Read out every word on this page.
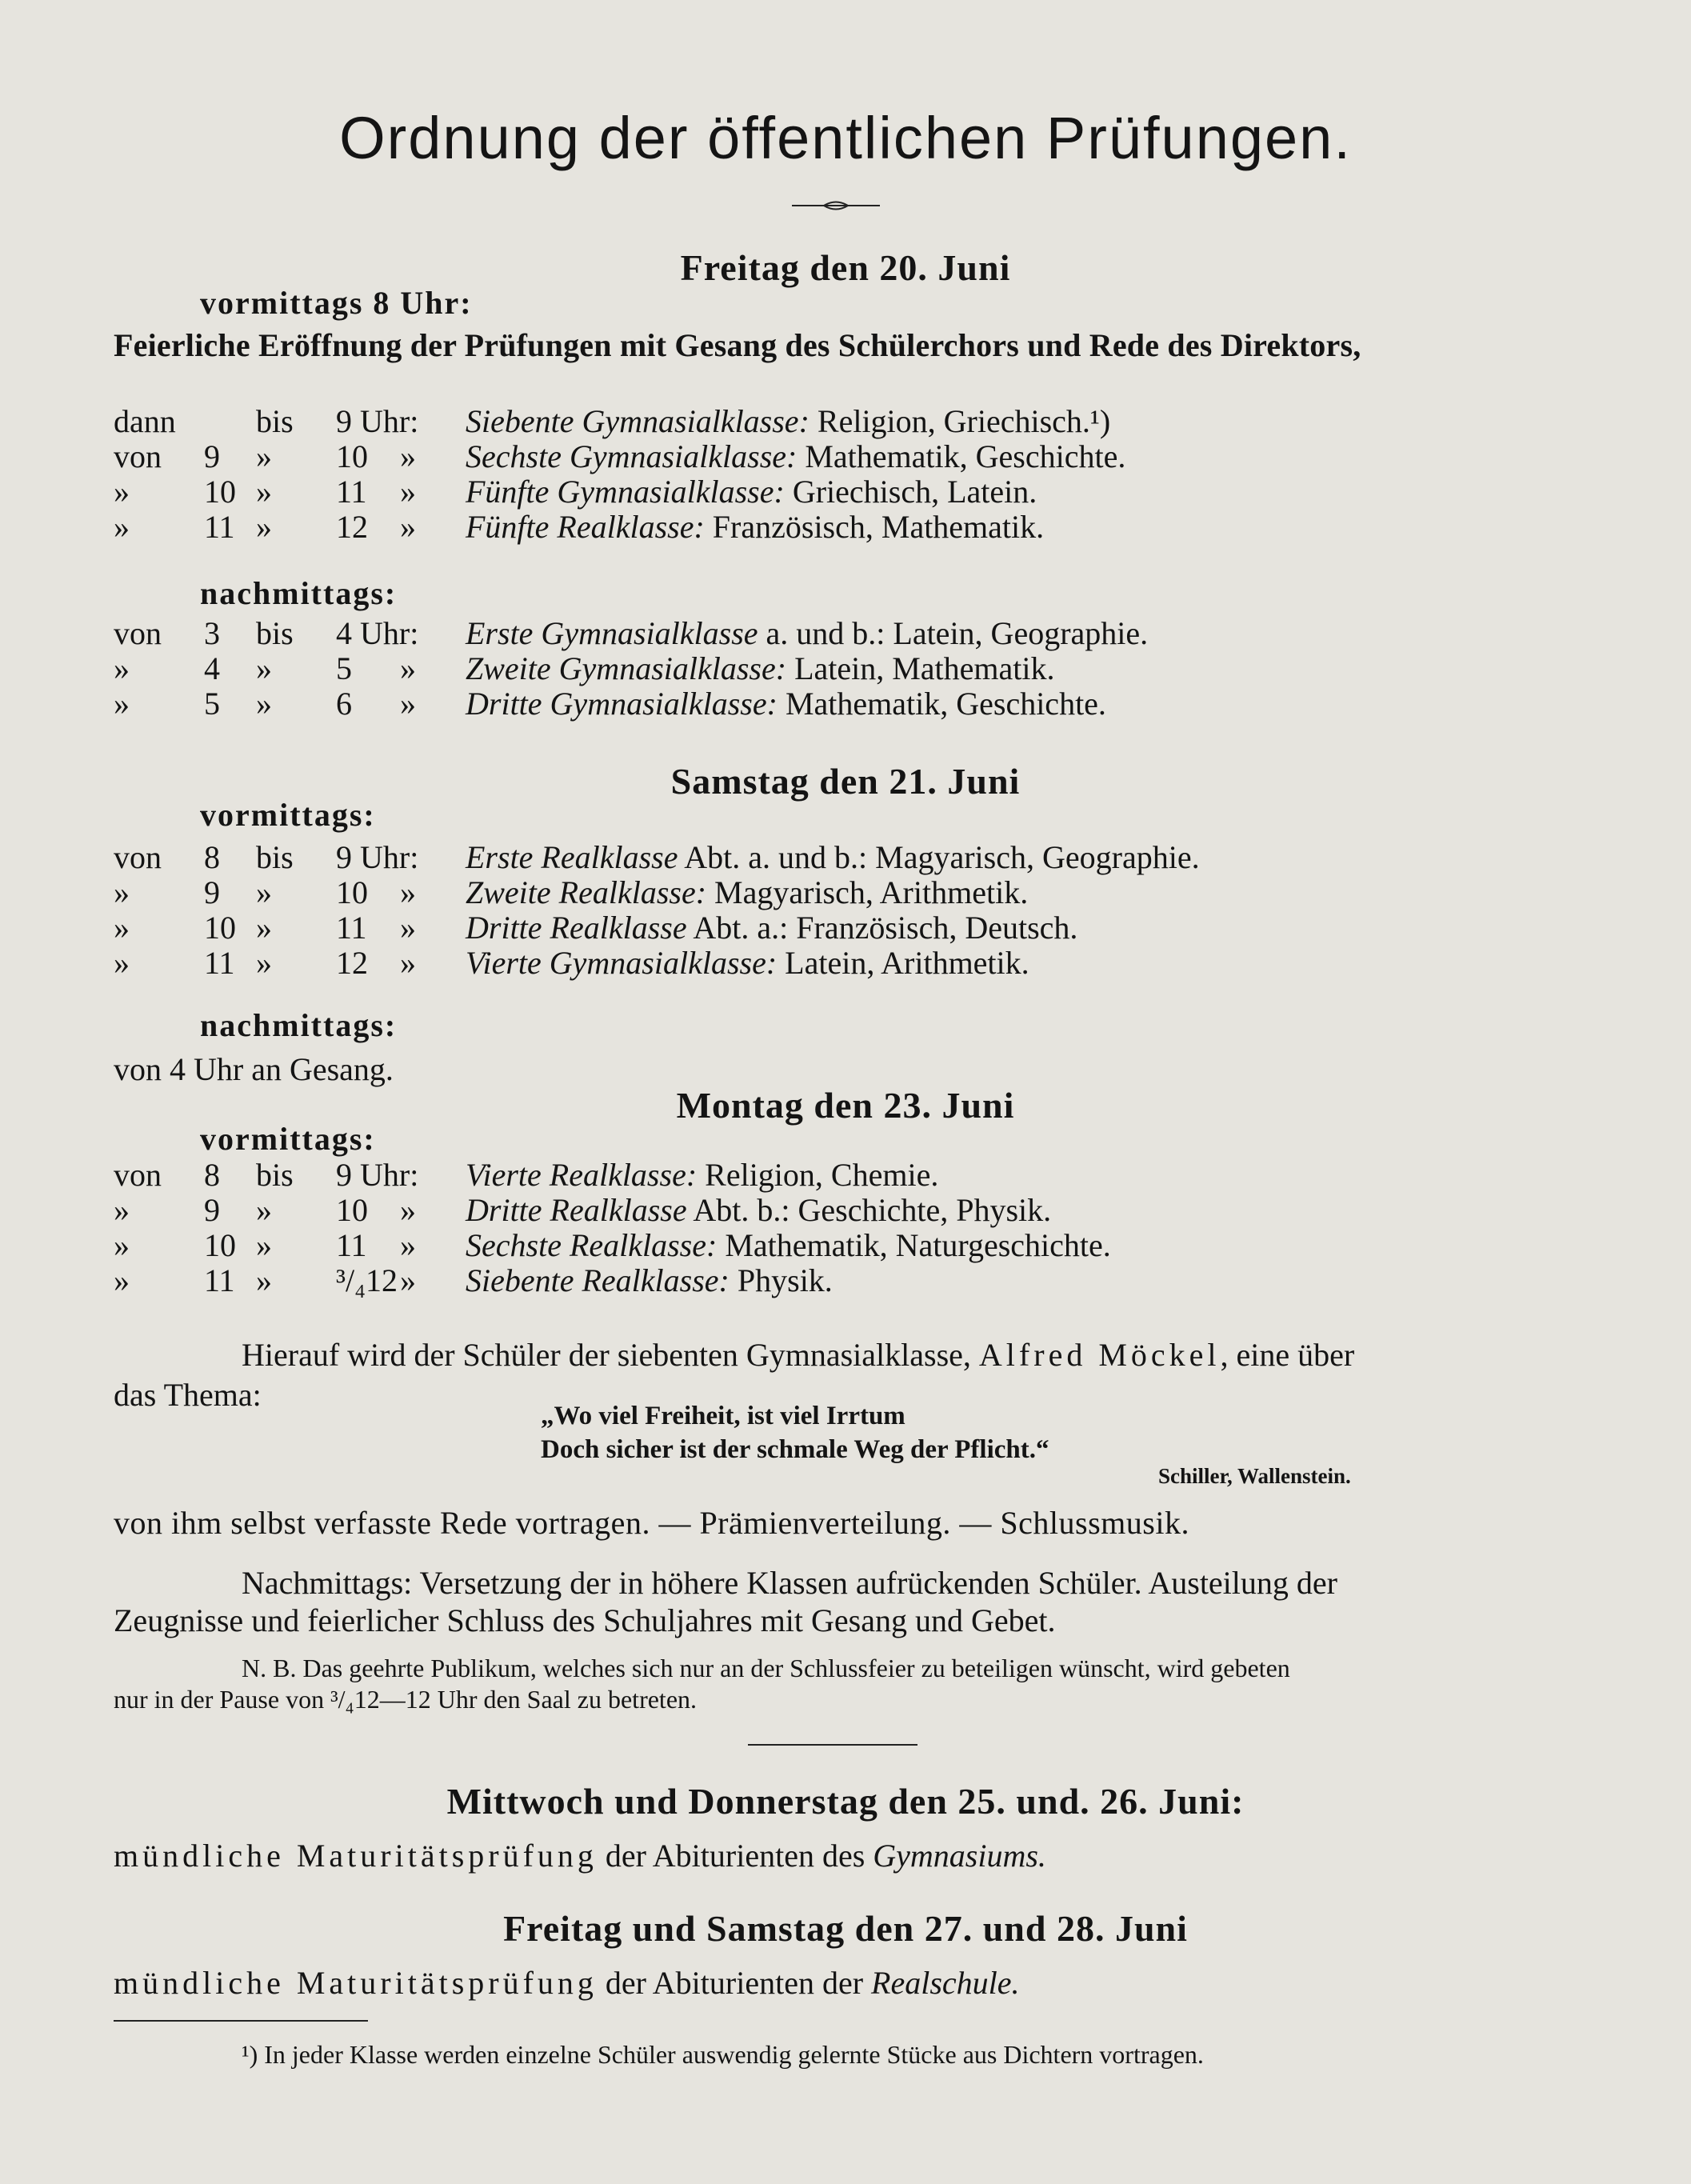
Ordnung der öffentlichen Prüfungen.
Freitag den 20. Juni
vormittags 8 Uhr:
Feierliche Eröffnung der Prüfungen mit Gesang des Schülerchors und Rede des Direktors,
dann	bis 9 Uhr: Siebente Gymnasialklasse: Religion, Griechisch.¹)
von 9 » 10 » Sechste Gymnasialklasse: Mathematik, Geschichte.
» 10 » 11 » Fünfte Gymnasialklasse: Griechisch, Latein.
» 11 » 12 » Fünfte Realklasse: Französisch, Mathematik.
nachmittags:
von 3 bis 4 Uhr: Erste Gymnasialklasse a. und b.: Latein, Geographie.
» 4 » 5 » Zweite Gymnasialklasse: Latein, Mathematik.
» 5 » 6 » Dritte Gymnasialklasse: Mathematik, Geschichte.
Samstag den 21. Juni
vormittags:
von 8 bis 9 Uhr: Erste Realklasse Abt. a. und b.: Magyarisch, Geographie.
» 9 » 10 » Zweite Realklasse: Magyarisch, Arithmetik.
» 10 » 11 » Dritte Realklasse Abt. a.: Französisch, Deutsch.
» 11 » 12 » Vierte Gymnasialklasse: Latein, Arithmetik.
nachmittags:
von 4 Uhr an Gesang.
Montag den 23. Juni
vormittags:
von 8 bis 9 Uhr: Vierte Realklasse: Religion, Chemie.
» 9 » 10 » Dritte Realklasse Abt. b.: Geschichte, Physik.
» 10 » 11 » Sechste Realklasse: Mathematik, Naturgeschichte.
» 11 » ³/₄12 » Siebente Realklasse: Physik.
Hierauf wird der Schüler der siebenten Gymnasialklasse, Alfred Möckel, eine über
das Thema:
„Wo viel Freiheit, ist viel Irrtum
Doch sicher ist der schmale Weg der Pflicht.“
Schiller, Wallenstein.
von ihm selbst verfasste Rede vortragen. — Prämienverteilung. — Schlussmusik.
Nachmittags: Versetzung der in höhere Klassen aufrückenden Schüler. Austeilung der
Zeugnisse und feierlicher Schluss des Schuljahres mit Gesang und Gebet.
N. B. Das geehrte Publikum, welches sich nur an der Schlussfeier zu beteiligen wünscht, wird gebeten
nur in der Pause von ³/₄12—12 Uhr den Saal zu betreten.
Mittwoch und Donnerstag den 25. und. 26. Juni:
mündliche Maturitätsprüfung der Abiturienten des Gymnasiums.
Freitag und Samstag den 27. und 28. Juni
mündliche Maturitätsprüfung der Abiturienten der Realschule.
¹) In jeder Klasse werden einzelne Schüler auswendig gelernte Stücke aus Dichtern vortragen.
